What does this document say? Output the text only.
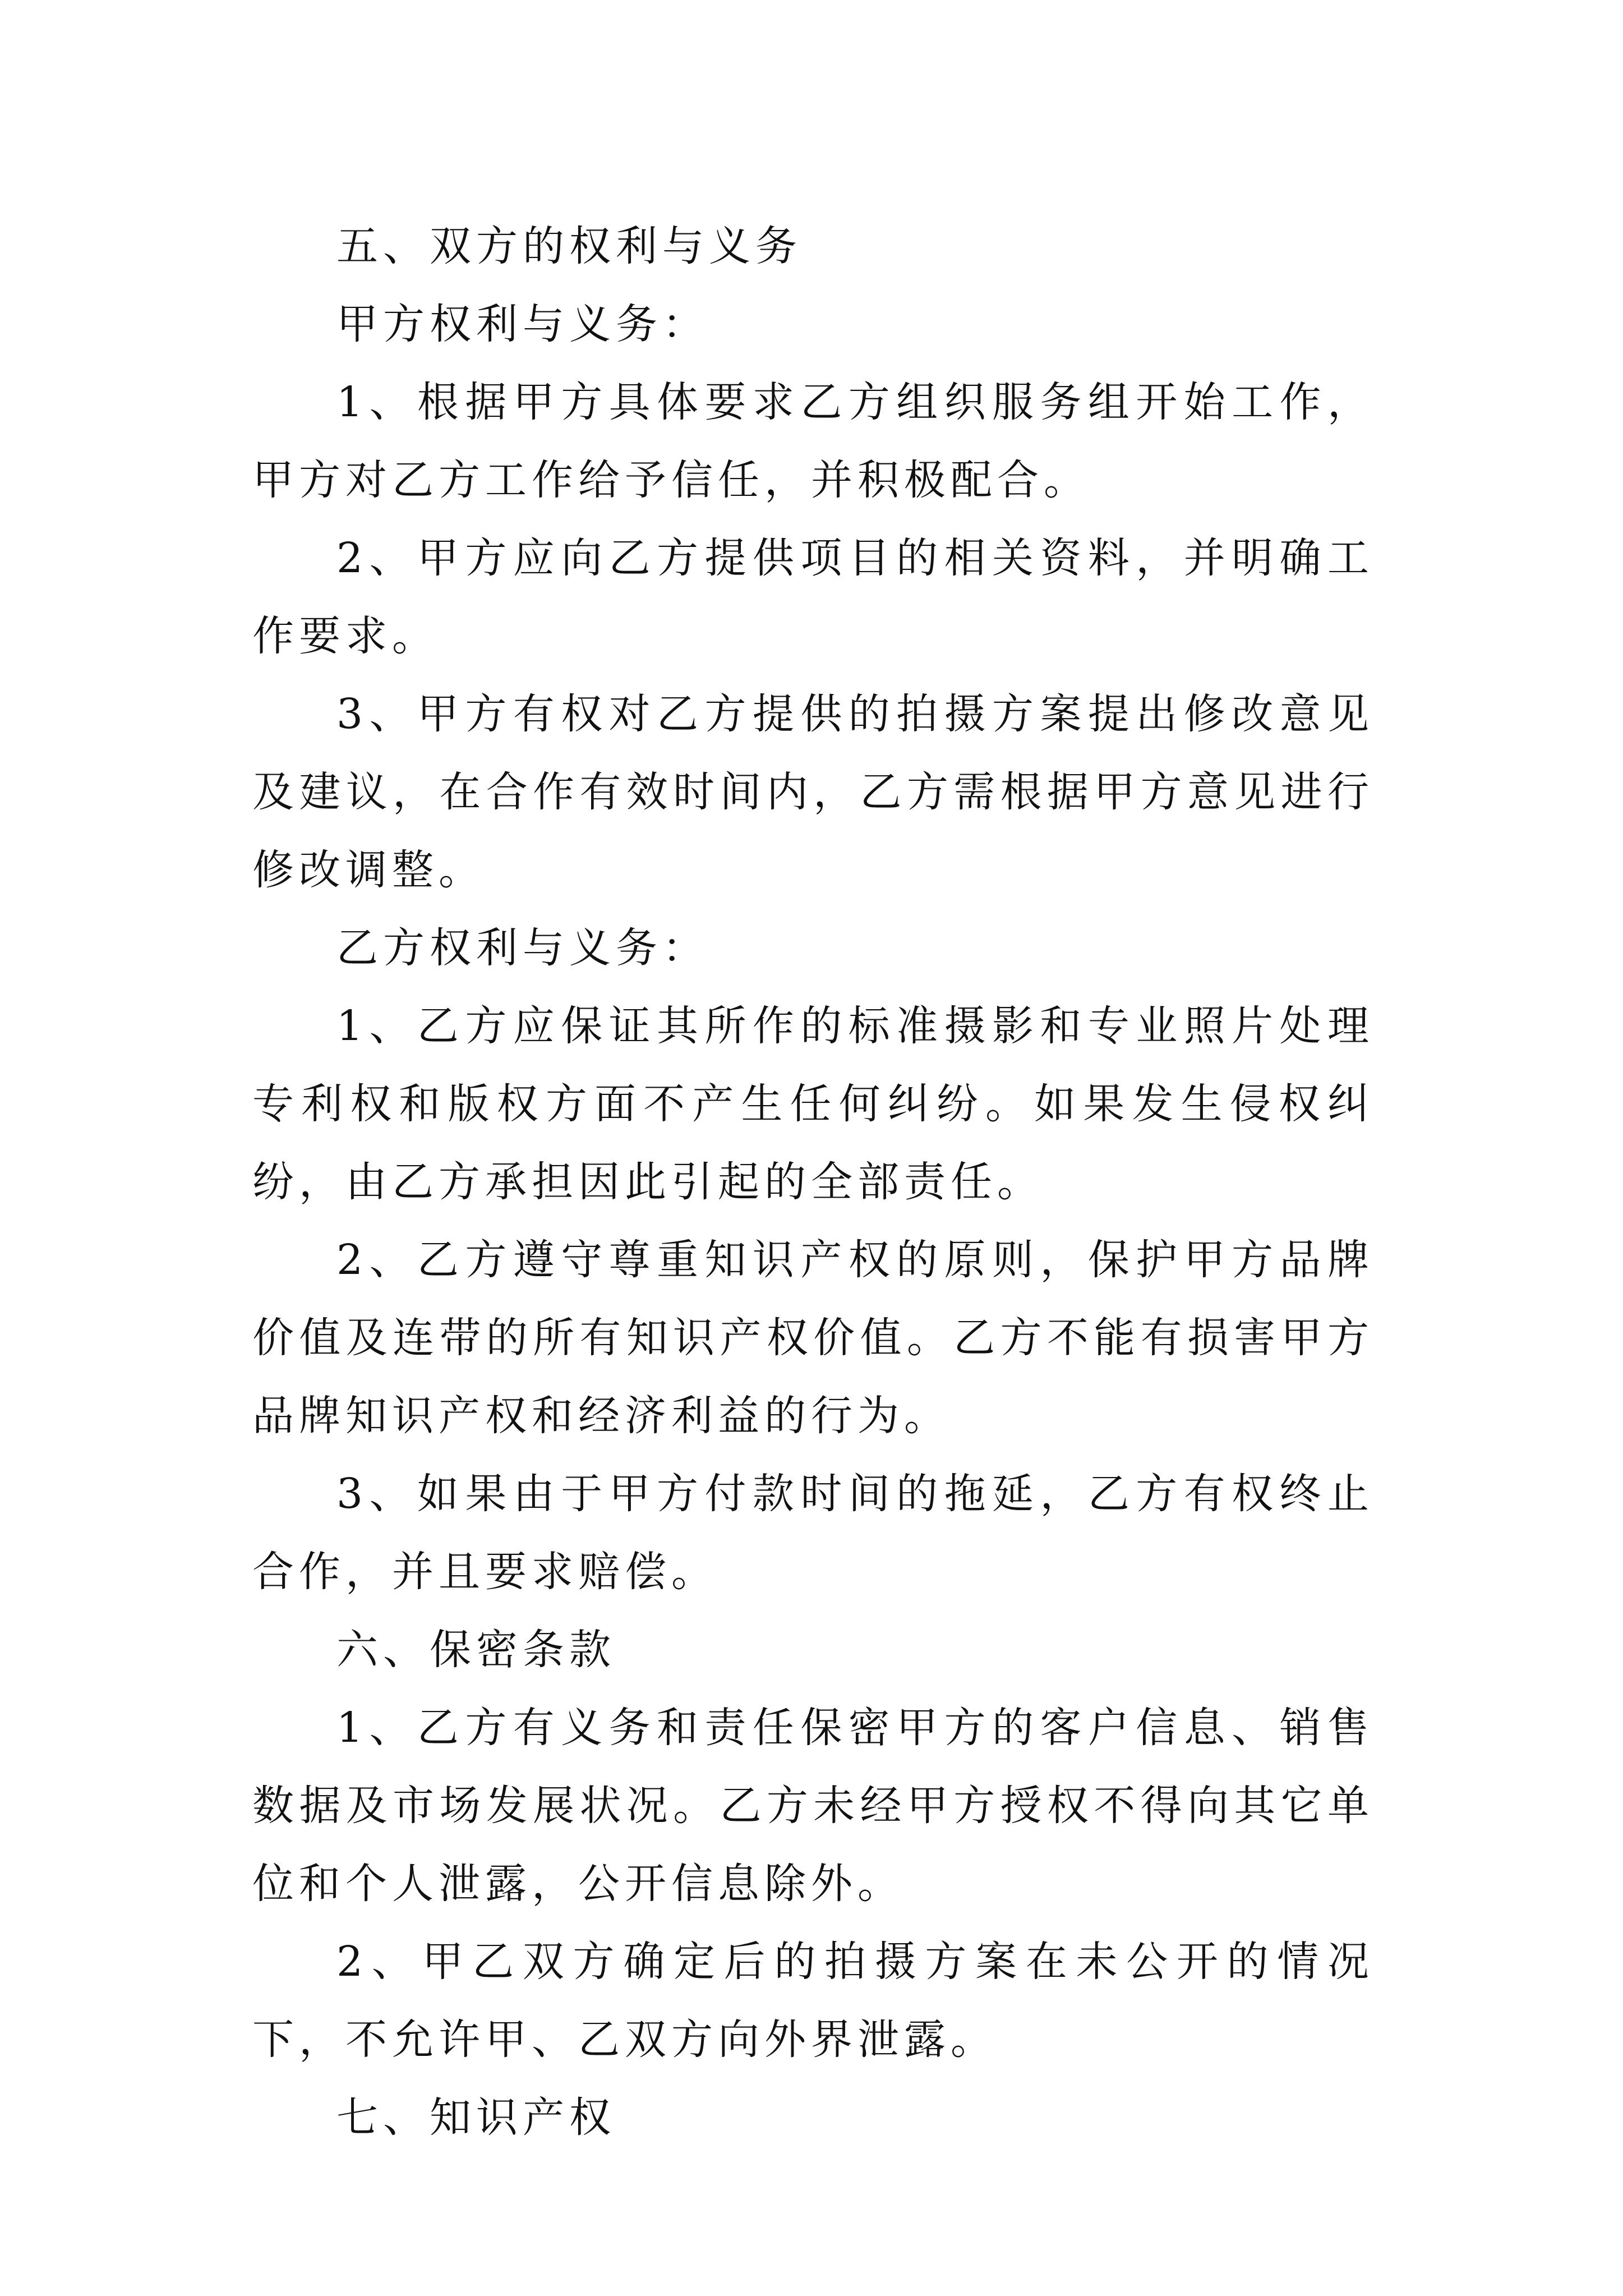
五、双方的权利与义务

甲方权利与义务：

1、根据甲方具体要求乙方组织服务组开始工作，甲方对乙方工作给予信任，并积极配合。

2、甲方应向乙方提供项目的相关资料，并明确工作要求。

3、甲方有权对乙方提供的拍摄方案提出修改意见及建议，在合作有效时间内，乙方需根据甲方意见进行修改调整。

乙方权利与义务：

1、乙方应保证其所作的标准摄影和专业照片处理专利权和版权方面不产生任何纠纷。如果发生侵权纠纷，由乙方承担因此引起的全部责任。

2、乙方遵守尊重知识产权的原则，保护甲方品牌价值及连带的所有知识产权价值。乙方不能有损害甲方品牌知识产权和经济利益的行为。

3、如果由于甲方付款时间的拖延，乙方有权终止合作，并且要求赔偿。

六、保密条款

1、乙方有义务和责任保密甲方的客户信息、销售数据及市场发展状况。乙方未经甲方授权不得向其它单位和个人泄露，公开信息除外。

2、甲乙双方确定后的拍摄方案在未公开的情况下，不允许甲、乙双方向外界泄露。

七、知识产权
